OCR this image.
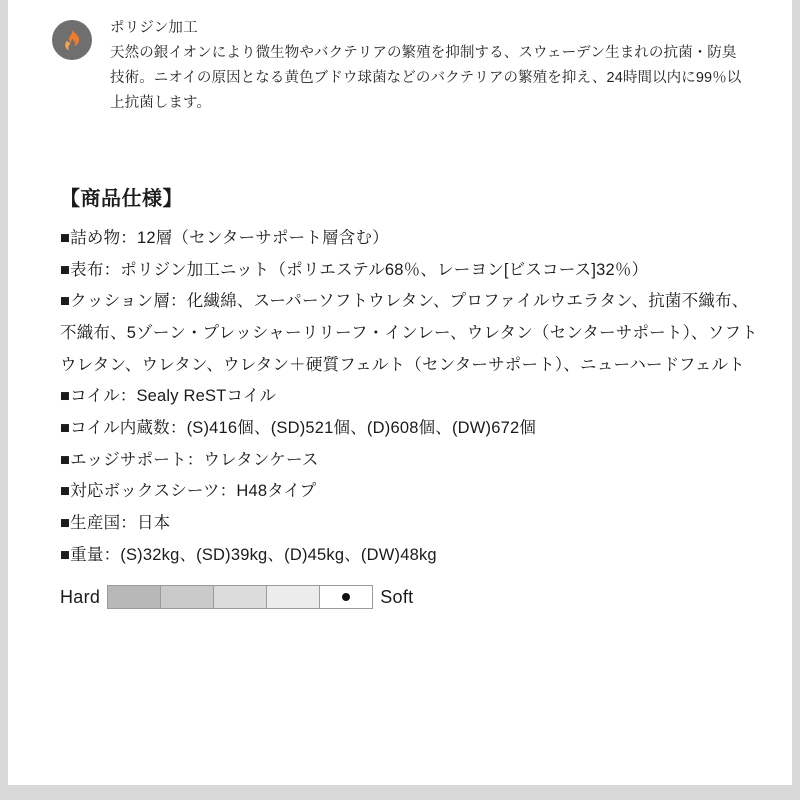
ポリジン加工
天然の銀イオンにより微生物やバクテリアの繁殖を抑制する、スウェーデン生まれの抗菌・防臭技術。ニオイの原因となる黄色ブドウ球菌などのバクテリアの繁殖を抑え、24時間以内に99％以上抗菌します。
【商品仕様】
■詰め物：12層（センターサポート層含む）
■表布：ポリジン加工ニット（ポリエステル68％、レーヨン[ビスコース]32％）
■クッション層：化繊綿、スーパーソフトウレタン、プロファイルウエラタン、抗菌不織布、不織布、5ゾーン・プレッシャーリリーフ・インレー、ウレタン（センターサポート）、ソフトウレタン、ウレタン、ウレタン＋硬質フェルト（センターサポート）、ニューハードフェルト
■コイル：Sealy ReSTコイル
■コイル内蔵数：(S)416個、(SD)521個、(D)608個、(DW)672個
■エッジサポート：ウレタンケース
■対応ボックスシーツ：H48タイプ
■生産国：日本
■重量：(S)32kg、(SD)39kg、(D)45kg、(DW)48kg
Hard	Soft
